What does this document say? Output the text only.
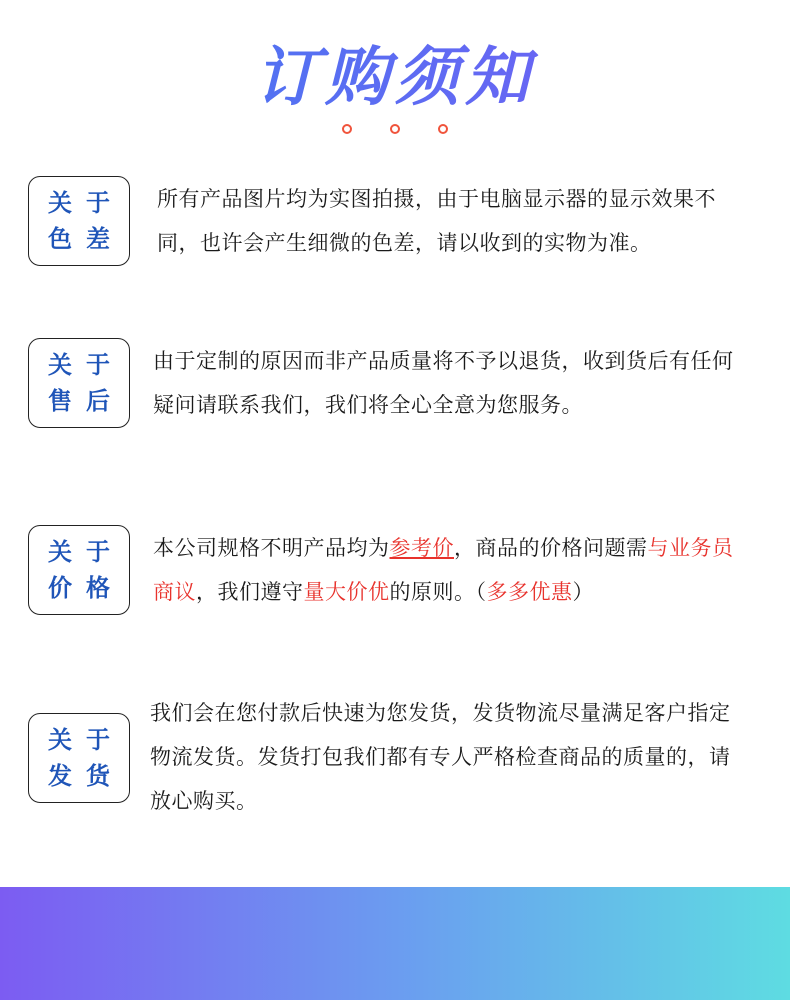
订购须知
关于
色差
所有产品图片均为实图拍摄，由于电脑显示器的显示效果不
同，也许会产生细微的色差，请以收到的实物为准。
关于
售后
由于定制的原因而非产品质量将不予以退货，收到货后有任何
疑问请联系我们，我们将全心全意为您服务。
关于
价格
本公司规格不明产品均为参考价，商品的价格问题需与业务员
商议，我们遵守量大价优的原则。（多多优惠）
关于
发货
我们会在您付款后快速为您发货，发货物流尽量满足客户指定
物流发货。发货打包我们都有专人严格检查商品的质量的，请
放心购买。
